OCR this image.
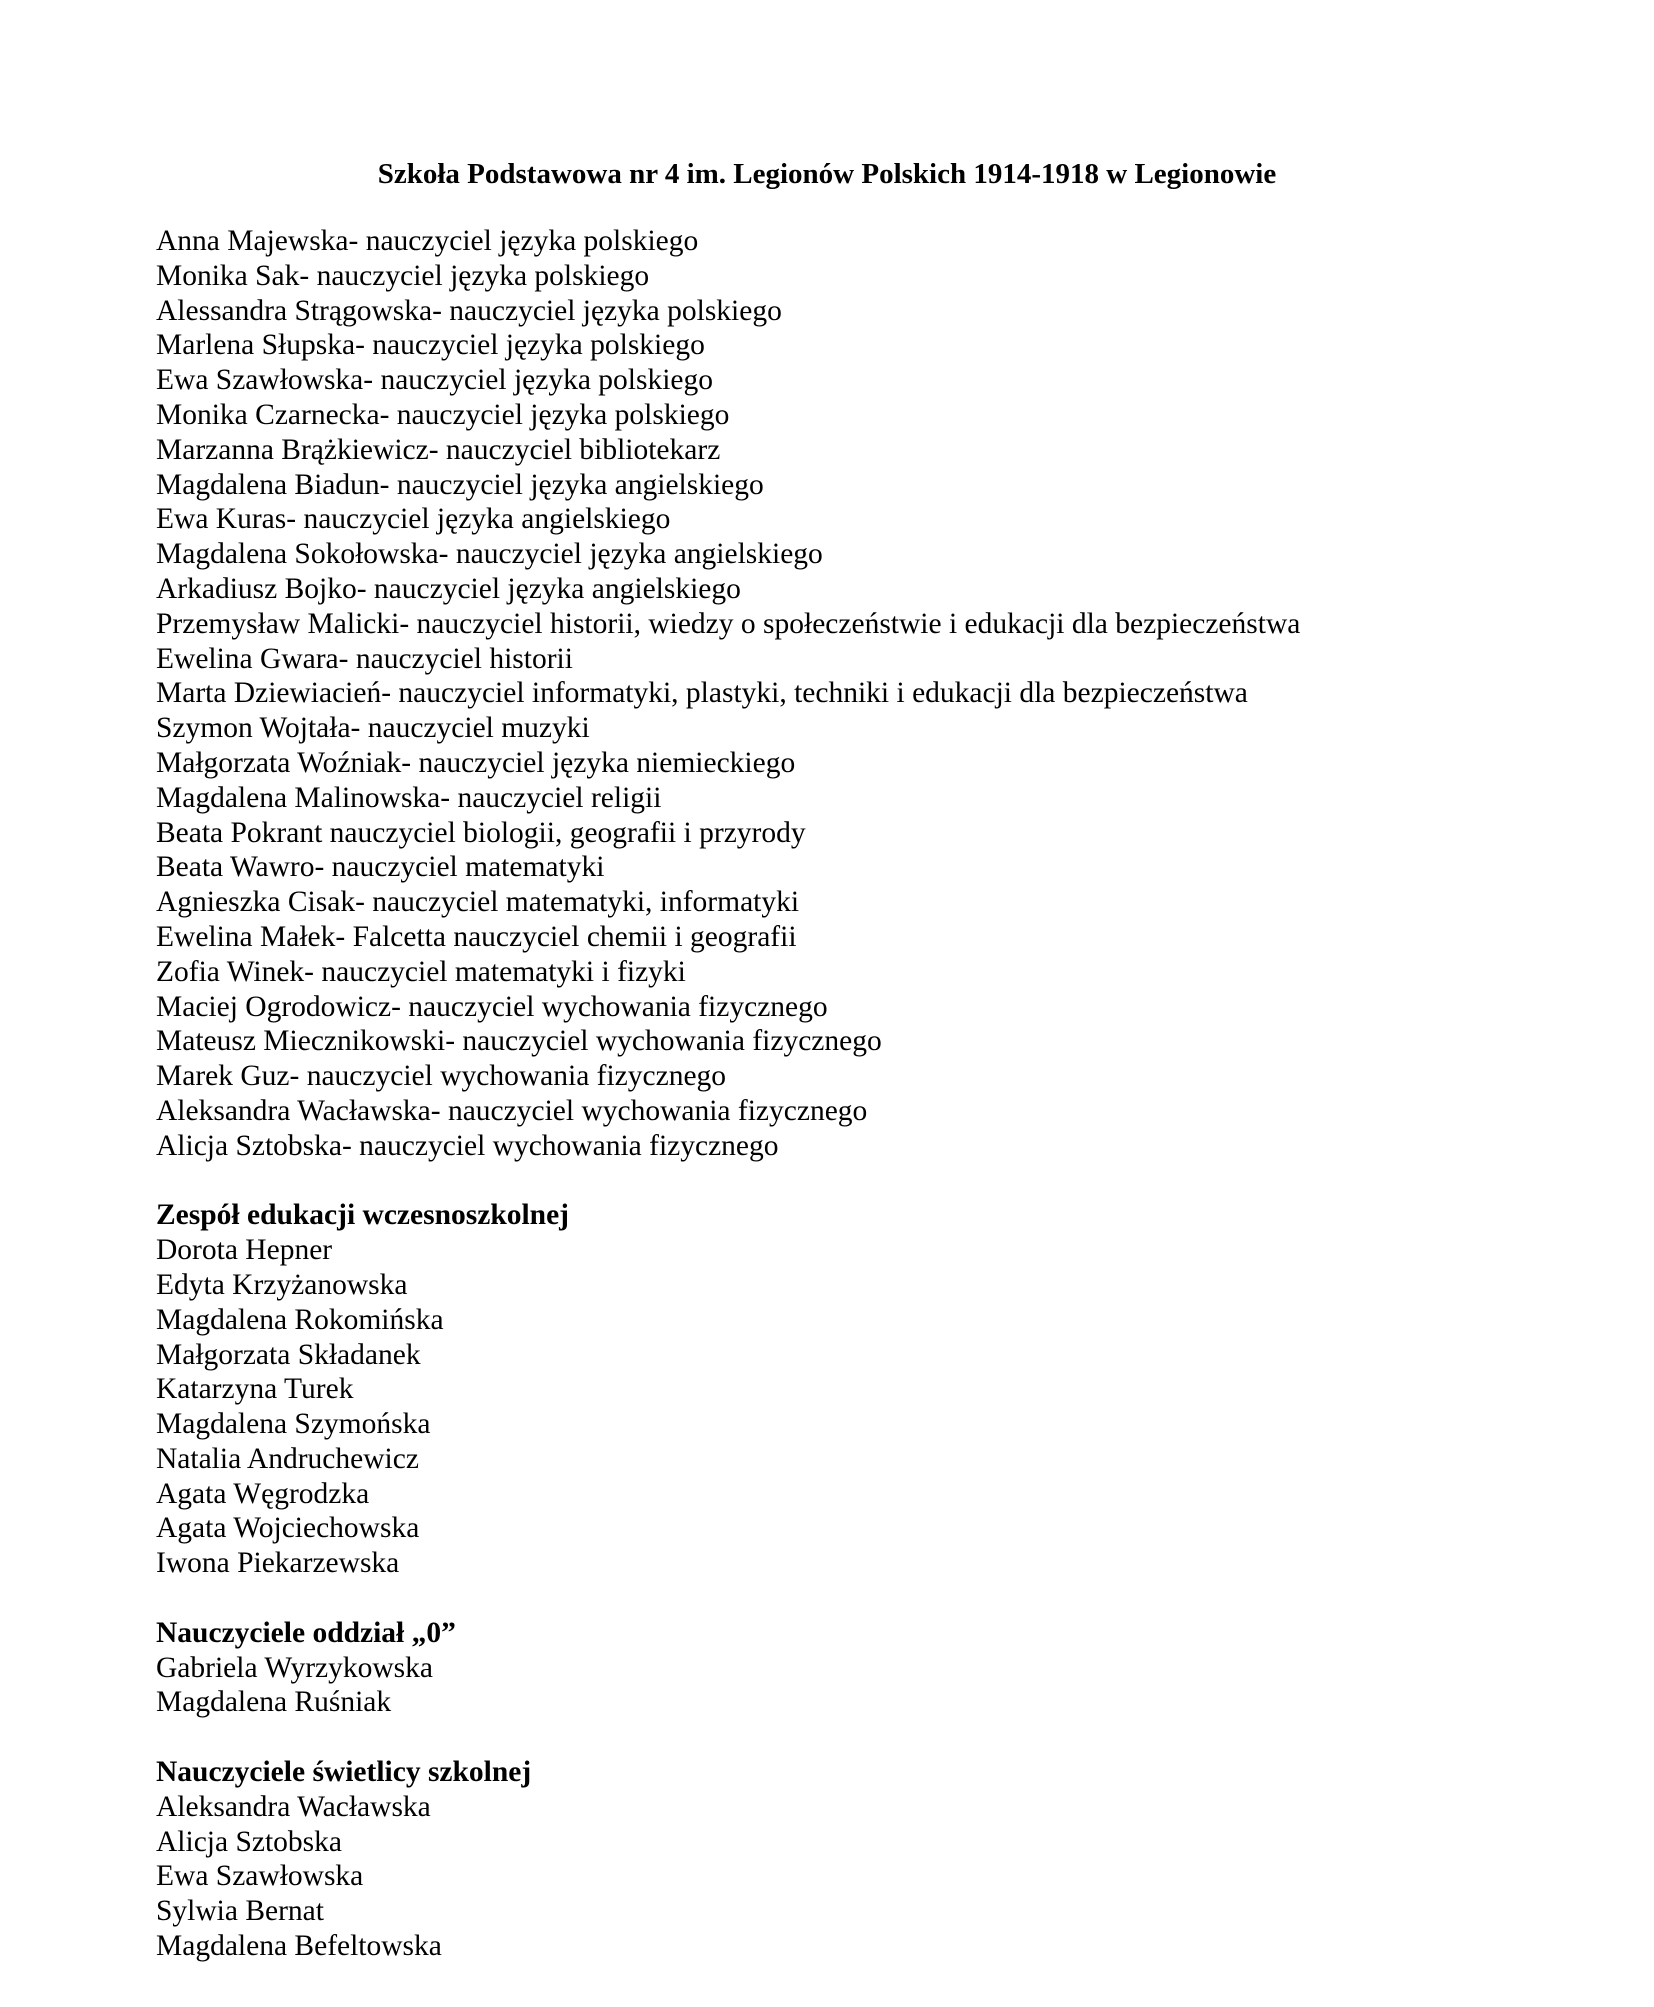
Szkoła Podstawowa nr 4 im. Legionów Polskich 1914-1918 w Legionowie
Anna Majewska- nauczyciel języka polskiego
Monika Sak- nauczyciel języka polskiego
Alessandra Strągowska- nauczyciel języka polskiego
Marlena Słupska- nauczyciel języka polskiego
Ewa Szawłowska- nauczyciel języka polskiego
Monika Czarnecka- nauczyciel języka polskiego
Marzanna Brążkiewicz- nauczyciel bibliotekarz
Magdalena Biadun- nauczyciel języka angielskiego
Ewa Kuras- nauczyciel języka angielskiego
Magdalena Sokołowska- nauczyciel języka angielskiego
Arkadiusz Bojko- nauczyciel języka angielskiego
Przemysław Malicki- nauczyciel historii, wiedzy o społeczeństwie i edukacji dla bezpieczeństwa
Ewelina Gwara- nauczyciel historii
Marta Dziewiacień- nauczyciel informatyki, plastyki, techniki i edukacji dla bezpieczeństwa
Szymon Wojtała- nauczyciel muzyki
Małgorzata Woźniak- nauczyciel języka niemieckiego
Magdalena Malinowska- nauczyciel religii
Beata Pokrant nauczyciel biologii, geografii i przyrody
Beata Wawro- nauczyciel matematyki
Agnieszka Cisak- nauczyciel matematyki, informatyki
Ewelina Małek- Falcetta nauczyciel chemii i geografii
Zofia Winek- nauczyciel matematyki i fizyki
Maciej Ogrodowicz- nauczyciel wychowania fizycznego
Mateusz Miecznikowski- nauczyciel wychowania fizycznego
Marek Guz- nauczyciel wychowania fizycznego
Aleksandra Wacławska- nauczyciel wychowania fizycznego
Alicja Sztobska- nauczyciel wychowania fizycznego
Zespół edukacji wczesnoszkolnej
Dorota Hepner
Edyta Krzyżanowska
Magdalena Rokomińska
Małgorzata Składanek
Katarzyna Turek
Magdalena Szymońska
Natalia Andruchewicz
Agata Węgrodzka
Agata Wojciechowska
Iwona Piekarzewska
Nauczyciele oddział „0”
Gabriela Wyrzykowska
Magdalena Ruśniak
Nauczyciele świetlicy szkolnej
Aleksandra Wacławska
Alicja Sztobska
Ewa Szawłowska
Sylwia Bernat
Magdalena Befeltowska
